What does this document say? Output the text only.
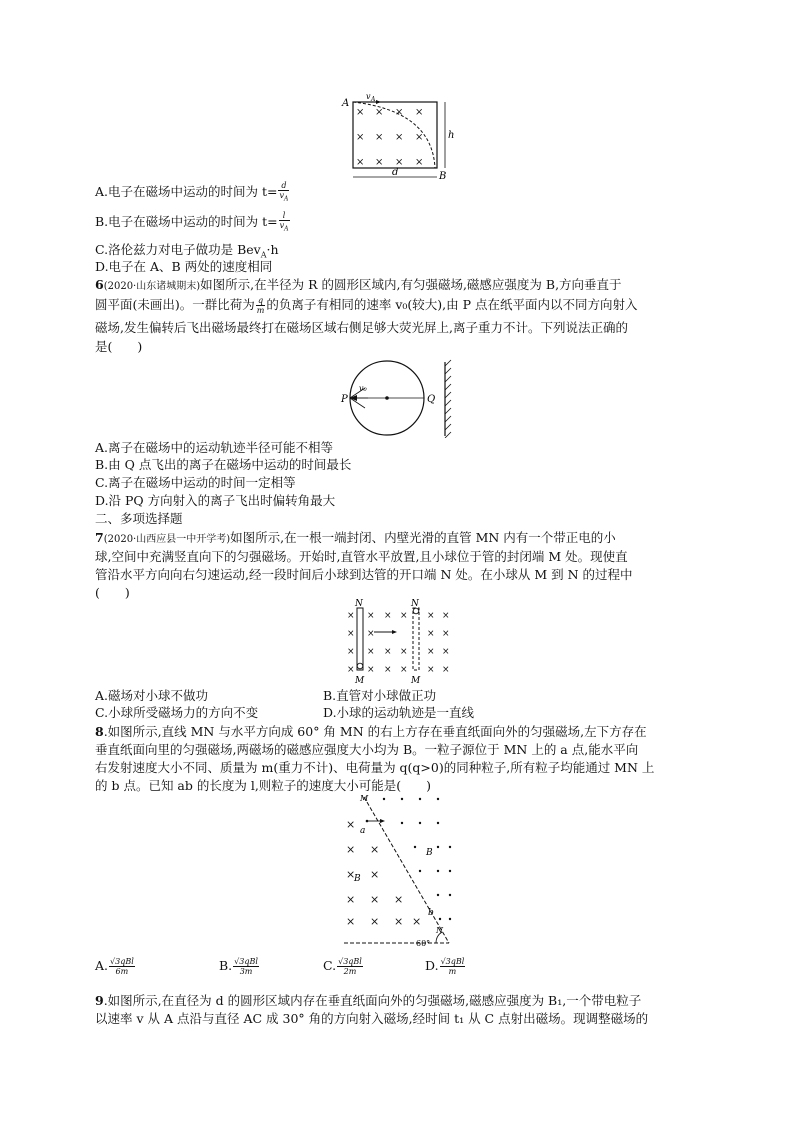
× × × ×
× × × ×
× × × ×
A
B
v A
h
d
A.电子在磁场中运动的时间为 $t= \frac{d}{v_A}$
B.电子在磁场中运动的时间为 $t= \frac{l}{v_A}$
C.洛伦兹力对电子做功是 Bev$_A$·h
D.电子在 A、B 两处的速度相同
6(2020·山东诸城期末)如图所示,在半径为 R 的圆形区域内,有匀强磁场,磁感应强度为 B,方向垂直于
圆平面(未画出)。一群比荷为 $\frac{q}{m}$ 的负离子有相同的速率 v₀(较大),由 P 点在纸平面内以不同方向射入
磁场,发生偏转后飞出磁场最终打在磁场区域右侧足够大荧光屏上,离子重力不计。下列说法正确的
是(　　)
P	Q
v₀
A.离子在磁场中的运动轨迹半径可能不相等
B.由 Q 点飞出的离子在磁场中运动的时间最长
C.离子在磁场中运动的时间一定相等
D.沿 PQ 方向射入的离子飞出时偏转角最大
二、多项选择题
7(2020·山西应县一中开学考)如图所示,在一根一端封闭、内壁光滑的直管 MN 内有一个带正电的小
球,空间中充满竖直向下的匀强磁场。开始时,直管水平放置,且小球位于管的封闭端 M 处。现使直
管沿水平方向向右匀速运动,经一段时间后小球到达管的开口端 N 处。在小球从 M 到 N 的过程中
(　　)
×
×
×
×
×
×
×
×
× ×
× ×
× ×
×
×
×
×
×
×
×
×
N	N
M	M
A.磁场对小球不做功	B.直管对小球做正功
C.小球所受磁场力的方向不变	D.小球的运动轨迹是一直线
8.如图所示,直线 MN 与水平方向成 60° 角 MN 的右上方存在垂直纸面向外的匀强磁场,左下方存在
垂直纸面向里的匀强磁场,两磁场的磁感应强度大小均为 B。一粒子源位于 MN 上的 a 点,能水平向
右发射速度大小不同、质量为 m(重力不计)、电荷量为 q(q>0)的同种粒子,所有粒子均能通过 MN 上
的 b 点。已知 ab 的长度为 l,则粒子的速度大小可能是(　　)
×
× ×
× ×
× × ×
× × × ×
M
a
b
B
B
N
60°
A. $\frac{\text{√3qBl}}{6m}$	B. $\frac{\text{√3qBl}}{3m}$	C. $\frac{\text{√3qBl}}{2m}$	D. $\frac{\text{√3qBl}}{m}$
9.如图所示,在直径为 d 的圆形区域内存在垂直纸面向外的匀强磁场,磁感应强度为 B₁,一个带电粒子
以速率 v 从 A 点沿与直径 AC 成 30° 角的方向射入磁场,经时间 t₁ 从 C 点射出磁场。现调整磁场的
